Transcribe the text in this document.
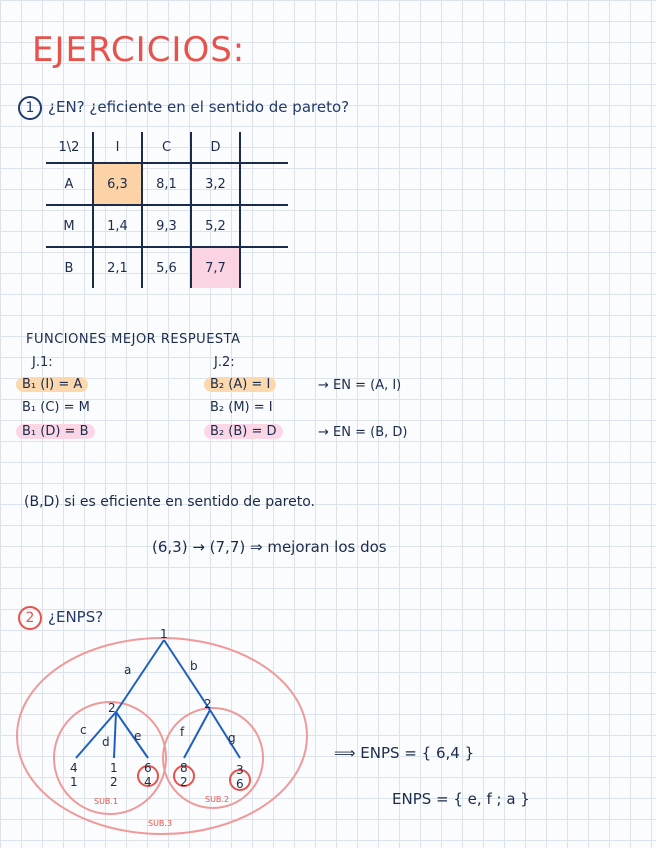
EJERCICIOS:
1 ¿EN? ¿eficiente en el sentido de pareto?
1\2	I	C	D	
A	6,3	8,1	3,2	
M	1,4	9,3	5,2	
B	2,1	5,6	7,7	
FUNCIONES MEJOR RESPUESTA
J.1:	J.2:
B₁ (I) = A
B₁ (C) = M
B₁ (D) = B
B₂ (A) = I
B₂ (M) = I
B₂ (B) = D
→ EN = (A, I)
→ EN = (B, D)
(B,D) si es eficiente en sentido de pareto.
(6,3) → (7,7) ⇒ mejoran los dos
2 ¿ENPS?
1
2	2
a	b
c
d e	f	g
4
1
1
2
6
4
8
2
3
6
SUB.1	SUB.2
SUB.3
⟹ ENPS = { 6,4 }
ENPS = { e, f ; a }
